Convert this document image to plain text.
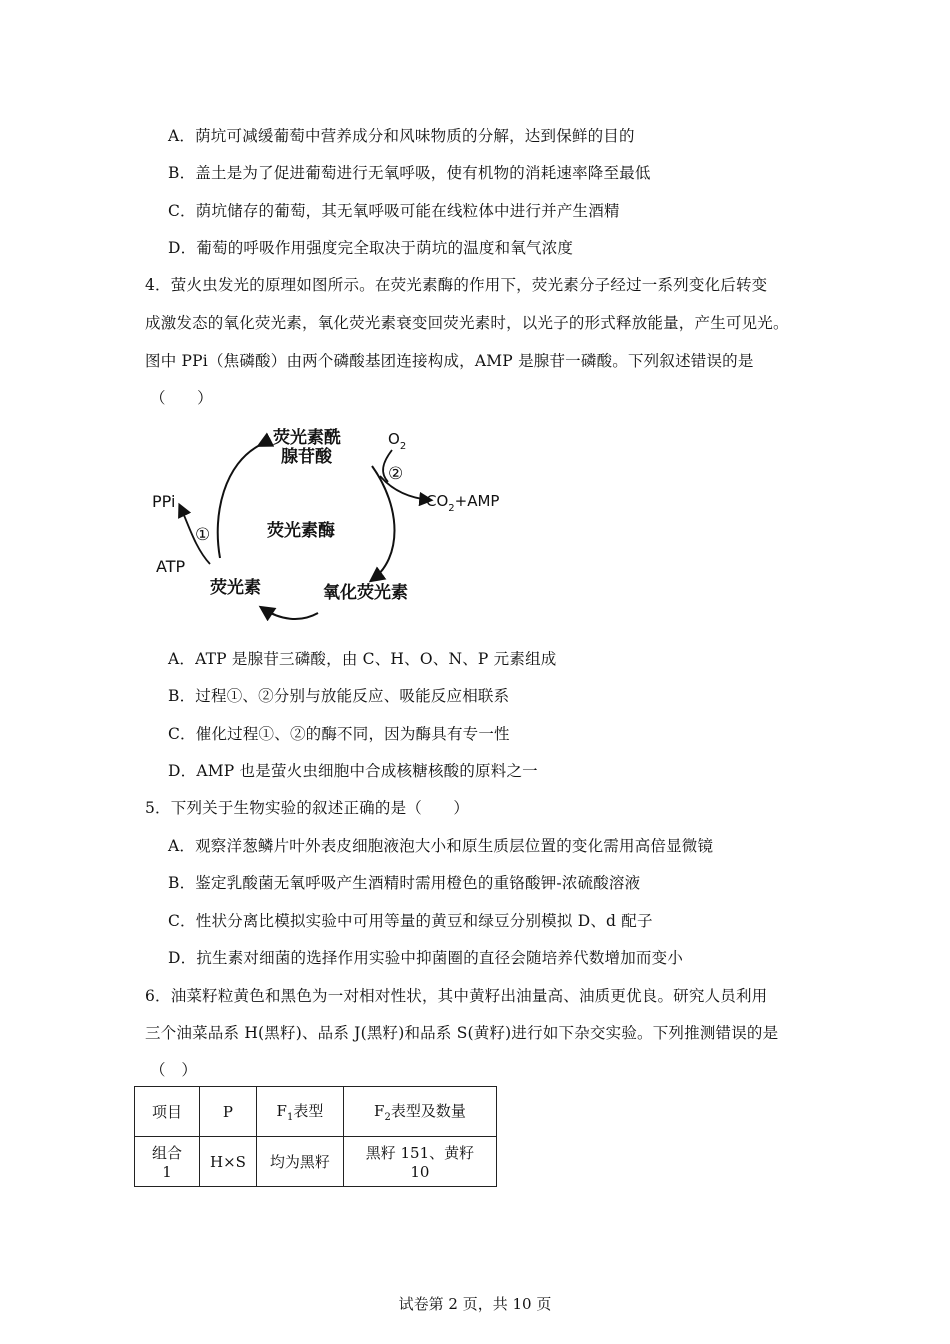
A．荫坑可减缓葡萄中营养成分和风味物质的分解，达到保鲜的目的
B．盖土是为了促进葡萄进行无氧呼吸，使有机物的消耗速率降至最低
C．荫坑储存的葡萄，其无氧呼吸可能在线粒体中进行并产生酒精
D．葡萄的呼吸作用强度完全取决于荫坑的温度和氧气浓度
4．萤火虫发光的原理如图所示。在荧光素酶的作用下，荧光素分子经过一系列变化后转变
成激发态的氧化荧光素，氧化荧光素衰变回荧光素时，以光子的形式释放能量，产生可见光。
图中 PPi（焦磷酸）由两个磷酸基团连接构成，AMP 是腺苷一磷酸。下列叙述错误的是
（　　）
荧光素酰
腺苷酸
荧光素酶
荧光素	氧化荧光素
PPi
ATP
①
②
$O_2$
$CO_2+AMP$
A．ATP 是腺苷三磷酸，由 C、H、O、N、P 元素组成
B．过程①、②分别与放能反应、吸能反应相联系
C．催化过程①、②的酶不同，因为酶具有专一性
D．AMP 也是萤火虫细胞中合成核糖核酸的原料之一
5．下列关于生物实验的叙述正确的是（　　）
A．观察洋葱鳞片叶外表皮细胞液泡大小和原生质层位置的变化需用高倍显微镜
B．鉴定乳酸菌无氧呼吸产生酒精时需用橙色的重铬酸钾-浓硫酸溶液
C．性状分离比模拟实验中可用等量的黄豆和绿豆分别模拟 D、d 配子
D．抗生素对细菌的选择作用实验中抑菌圈的直径会随培养代数增加而变小
6．油菜籽粒黄色和黑色为一对相对性状，其中黄籽出油量高、油质更优良。研究人员利用
三个油菜品系 H(黑籽)、品系 J(黑籽)和品系 S(黄籽)进行如下杂交实验。下列推测错误的是
（　）
项目	P	$F_1$表型	$F_2$表型及数量
组合 1	H×S	均为黑籽	黑籽 151、黄籽 10
试卷第 2 页，共 10 页
